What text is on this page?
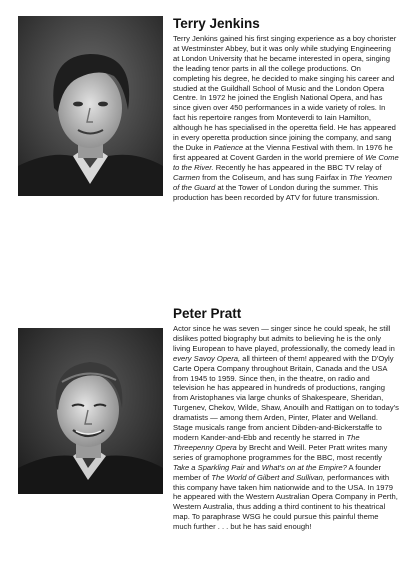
Terry Jenkins

Terry Jenkins gained his first singing experience as a boy chorister at Westminster Abbey, but it was only while studying Engineering at London University that he became interested in opera, singing the leading tenor parts in all the college productions. On completing his degree, he decided to make singing his career and studied at the Guildhall School of Music and the London Opera Centre. In 1972 he joined the English National Opera, and has since given over 450 performances in a wide variety of roles. In fact his repertoire ranges from Monteverdi to Iain Hamilton, although he has specialised in the operetta field. He has appeared in every operetta production since joining the company, and sang the Duke in Patience at the Vienna Festival with them. In 1976 he first appeared at Covent Garden in the world premiere of We Come to the River. Recently he has appeared in the BBC TV relay of Carmen from the Coliseum, and has sung Fairfax in The Yeomen of the Guard at the Tower of London during the summer. This production has been recorded by ATV for future transmission.

Peter Pratt

Actor since he was seven — singer since he could speak, he still dislikes potted biography but admits to believing he is the only living European to have played, professionally, the comedy lead in every Savoy Opera, all thirteen of them! appeared with the D'Oyly Carte Opera Company throughout Britain, Canada and the USA from 1945 to 1959. Since then, in the theatre, on radio and television he has appeared in hundreds of productions, ranging from Aristophanes via large chunks of Shakespeare, Sheridan, Turgenev, Chekov, Wilde, Shaw, Anouilh and Rattigan on to today's dramatists — among them Arden, Pinter, Plater and Welland. Stage musicals range from ancient Dibden-and-Bickerstaffe to modern Kander-and-Ebb and recently he starred in The Threepenny Opera by Brecht and Weill. Peter Pratt writes many series of gramophone programmes for the BBC, most recently Take a Sparkling Pair and What's on at the Empire? A founder member of The World of Gilbert and Sullivan, performances with this company have taken him nationwide and to the USA. In 1979 he appeared with the Western Australian Opera Company in Perth, Western Australia, thus adding a third continent to his theatrical map. To paraphrase WSG he could pursue this painful theme much further . . . but he has said enough!
